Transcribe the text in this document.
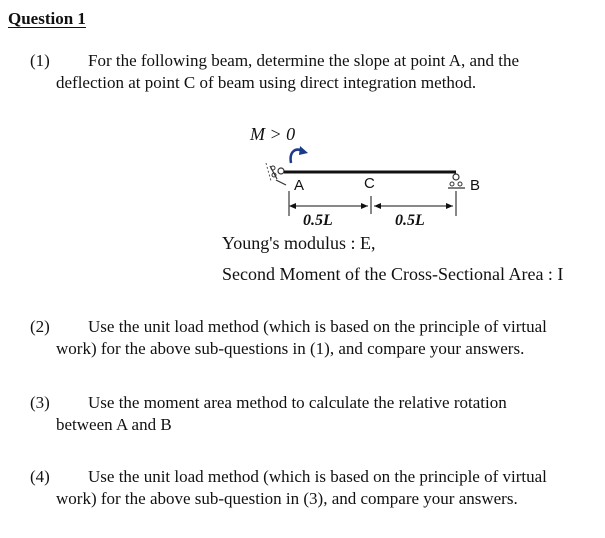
Question 1
(1) For the following beam, determine the slope at point A, and the
deflection at point C of beam using direct integration method.
M > 0
A	C	B
0.5L	0.5L
Young's modulus : E,
Second Moment of the Cross-Sectional Area : I
(2) Use the unit load method (which is based on the principle of virtual
work) for the above sub-questions in (1), and compare your answers.
(3) Use the moment area method to calculate the relative rotation
between A and B
(4) Use the unit load method (which is based on the principle of virtual
work) for the above sub-question in (3), and compare your answers.
